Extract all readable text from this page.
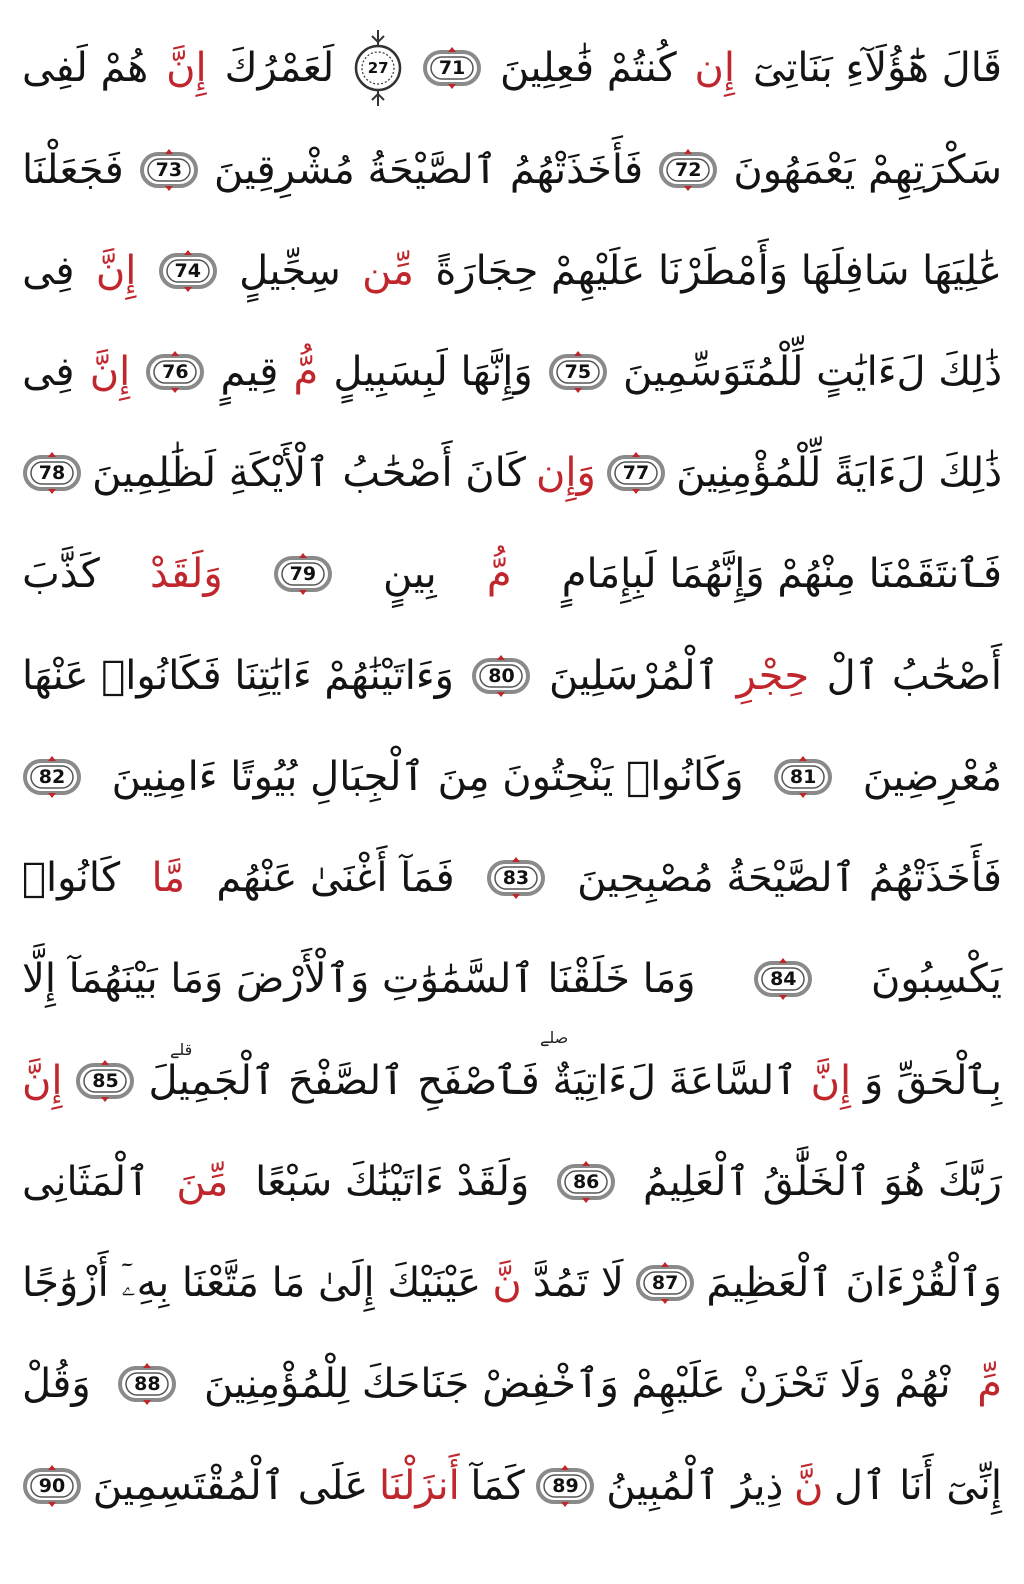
قَالَ هَٰٓؤُلَآءِ بَنَاتِىٓ
إِن
كُنتُمْ فَٰعِلِينَ
71
27
لَعَمْرُكَ
إِنَّ
هُمْ لَفِى
سَكْرَتِهِمْ يَعْمَهُونَ
72
فَأَخَذَتْهُمُ ٱلصَّيْحَةُ مُشْرِقِينَ
73
فَجَعَلْنَا
عَٰلِيَهَا سَافِلَهَا وَأَمْطَرْنَا عَلَيْهِمْ حِجَارَةً
مِّن
سِجِّيلٍ
74
إِنَّ
فِى
ذَٰلِكَ لَءَايَٰتٍ لِّلْمُتَوَسِّمِينَ
75
وَإِنَّهَا لَبِسَبِيلٍ
مُّ
قِيمٍ
76
إِنَّ
فِى
ذَٰلِكَ لَءَايَةً لِّلْمُؤْمِنِينَ
77
وَإِن
كَانَ أَصْحَٰبُ ٱلْأَيْكَةِ لَظَٰلِمِينَ
78
فَٱنتَقَمْنَا مِنْهُمْ وَإِنَّهُمَا لَبِإِمَامٍ
مُّ
بِينٍ
79
وَلَقَدْ
كَذَّبَ
أَصْحَٰبُ ٱلْ
حِجْرِ
ٱلْمُرْسَلِينَ
80
وَءَاتَيْنَٰهُمْ ءَايَٰتِنَا فَكَانُوا۟ عَنْهَا
مُعْرِضِينَ
81
وَكَانُوا۟ يَنْحِتُونَ مِنَ ٱلْجِبَالِ بُيُوتًا ءَامِنِينَ
82
فَأَخَذَتْهُمُ ٱلصَّيْحَةُ مُصْبِحِينَ
83
فَمَآ أَغْنَىٰ عَنْهُم
مَّا
كَانُوا۟
يَكْسِبُونَ
84
وَمَا خَلَقْنَا ٱلسَّمَٰوَٰتِ وَٱلْأَرْضَ وَمَا بَيْنَهُمَآ إِلَّا
بِٱلْحَقِّ وَ
إِنَّ
ٱلسَّاعَةَ لَءَاتِيَةٌ فَٱصْفَحِ ٱلصَّفْحَ ٱلْجَمِيلَ
85
إِنَّ
رَبَّكَ هُوَ ٱلْخَلَّٰقُ ٱلْعَلِيمُ
86
وَلَقَدْ ءَاتَيْنَٰكَ سَبْعًا
مِّنَ
ٱلْمَثَانِى
وَٱلْقُرْءَانَ ٱلْعَظِيمَ
87
لَا تَمُدَّ
نَّ
عَيْنَيْكَ إِلَىٰ مَا مَتَّعْنَا بِهِۦٓ أَزْوَٰجًا
مِّ
نْهُمْ وَلَا تَحْزَنْ عَلَيْهِمْ وَٱخْفِضْ جَنَاحَكَ لِلْمُؤْمِنِينَ
88
وَقُلْ
إِنِّىٓ أَنَا ٱل
نَّ
ذِيرُ ٱلْمُبِينُ
89
كَمَآ
أَنزَلْنَا
عَلَى ٱلْمُقْتَسِمِينَ
90
قلے
صلے
